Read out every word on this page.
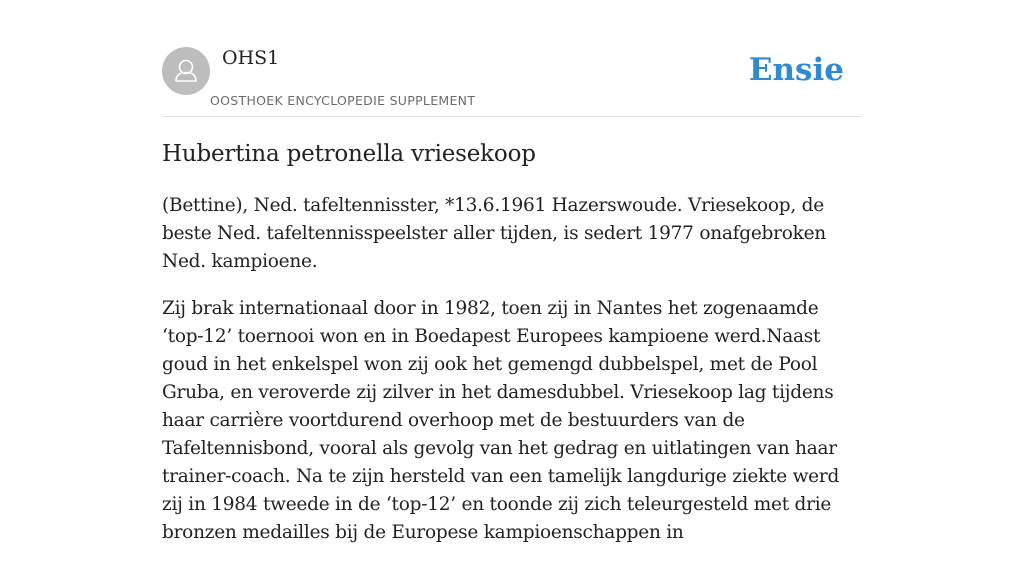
OHS1
OOSTHOEK ENCYCLOPEDIE SUPPLEMENT
Ensie
Hubertina petronella vriesekoop

(Bettine), Ned. tafeltennisster, *13.6.1961 Hazerswoude. Vriesekoop, de beste Ned. tafeltennisspeelster aller tijden, is sedert 1977 onafgebroken Ned. kampioene.

Zij brak internationaal door in 1982, toen zij in Nantes het zogenaamde ‘top-12’ toernooi won en in Boedapest Europees kampioene werd.Naast goud in het enkelspel won zij ook het gemengd dubbelspel, met de Pool Gruba, en veroverde zij zilver in het damesdubbel. Vriesekoop lag tijdens haar carrière voortdurend overhoop met de bestuurders van de Tafeltennisbond, vooral als gevolg van het gedrag en uitlatingen van haar trainer-coach. Na te zijn hersteld van een tamelijk langdurige ziekte werd zij in 1984 tweede in de ‘top-12’ en toonde zij zich teleurgesteld met drie bronzen medailles bij de Europese kampioenschappen in
